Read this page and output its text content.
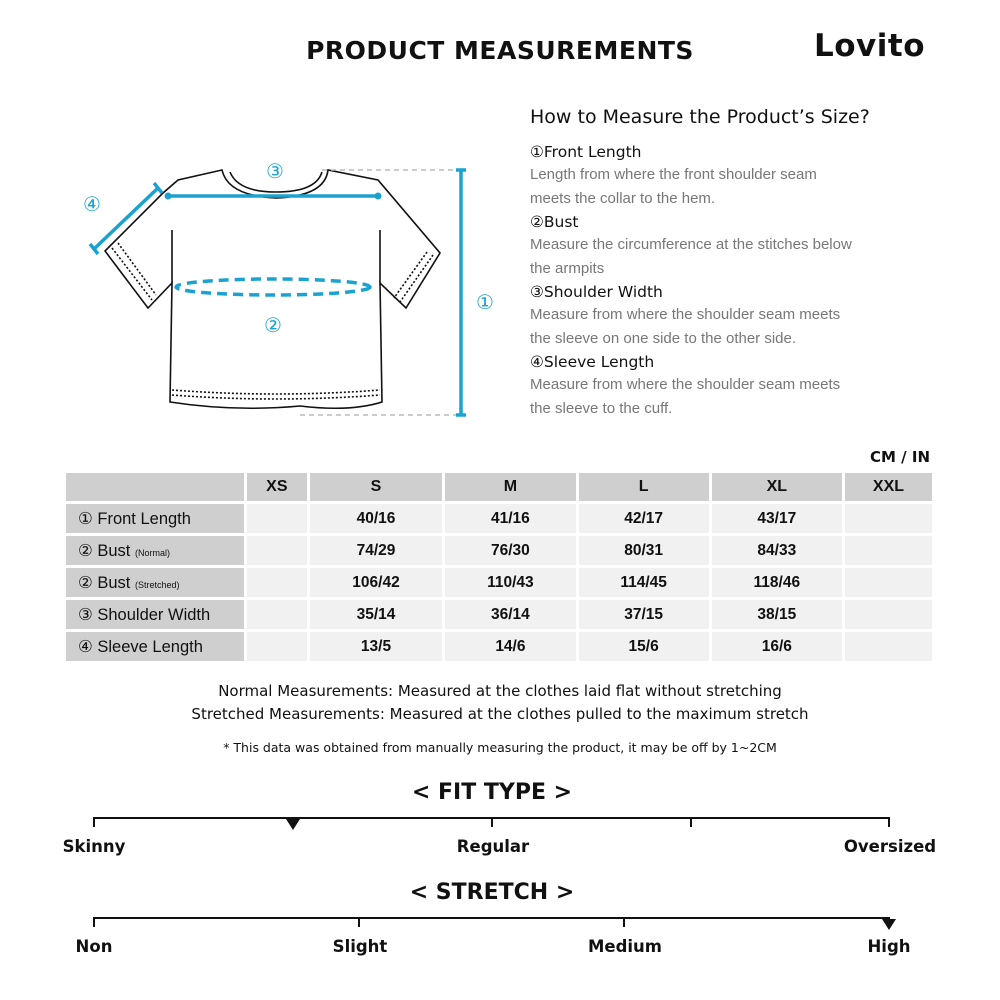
PRODUCT MEASUREMENTS	Lovito
③
①
②
④
How to Measure the Product’s Size?
①Front Length
Length from where the front shoulder seam
meets the collar to the hem.
②Bust
Measure the circumference at the stitches below
the armpits
③Shoulder Width
Measure from where the shoulder seam meets
the sleeve on one side to the other side.
④Sleeve Length
Measure from where the shoulder seam meets
the sleeve to the cuff.
CM / IN
	XS	S	M	L	XL	XXL
① Front Length		40/16	41/16	42/17	43/17	
② Bust (Normal)		74/29	76/30	80/31	84/33	
② Bust (Stretched)		106/42	110/43	114/45	118/46	
③ Shoulder Width		35/14	36/14	37/15	38/15	
④ Sleeve Length		13/5	14/6	15/6	16/6	
Normal Measurements: Measured at the clothes laid flat without stretching
Stretched Measurements: Measured at the clothes pulled to the maximum stretch
* This data was obtained from manually measuring the product, it may be off by 1~2CM
< FIT TYPE >
Skinny	Regular	Oversized
< STRETCH >
Non	Slight	Medium	High
